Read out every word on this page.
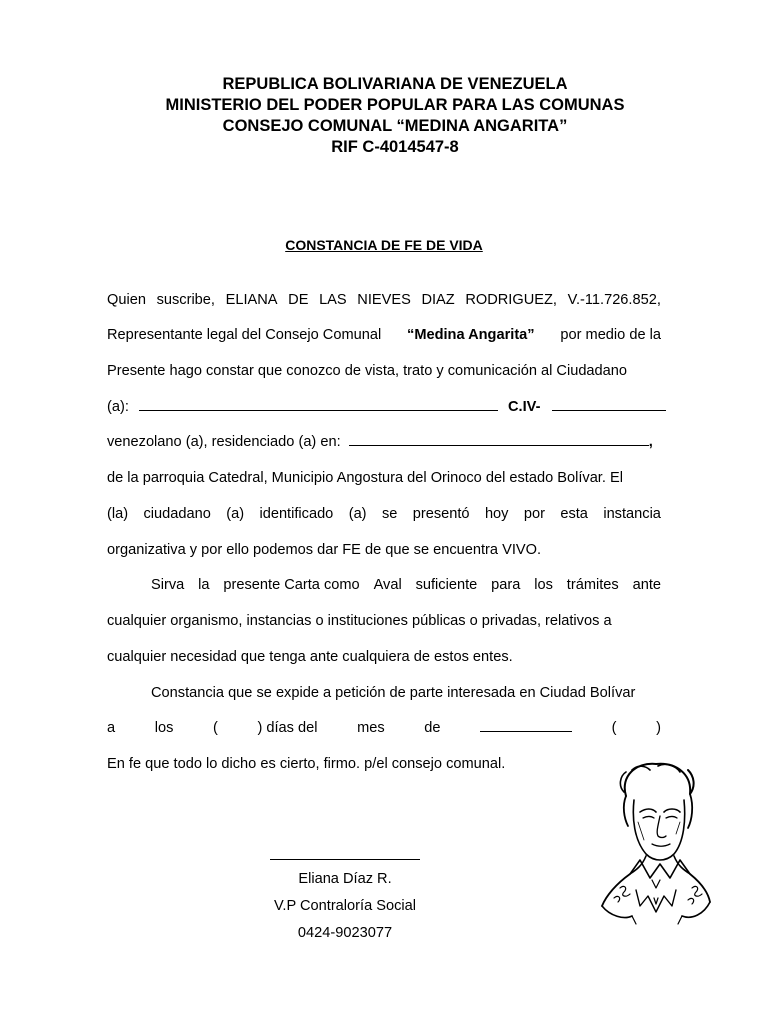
REPUBLICA BOLIVARIANA DE VENEZUELA
MINISTERIO DEL PODER POPULAR PARA LAS COMUNAS
CONSEJO COMUNAL “MEDINA ANGARITA”
RIF C-4014547-8
CONSTANCIA DE FE DE VIDA
Quien suscribe, ELIANA DE LAS NIEVES DIAZ RODRIGUEZ, V.-11.726.852,
Representante legal del Consejo Comunal “Medina Angarita” por medio de la
Presente hago constar que conozco de vista, trato y comunicación al Ciudadano
(a):	C.IV-
venezolano (a), residenciado (a) en:	,
de la parroquia Catedral, Municipio Angostura del Orinoco del estado Bolívar. El
(la) ciudadano (a) identificado (a) se presentó hoy por esta instancia
organizativa y por ello podemos dar FE de que se encuentra VIVO.
Sirva la presente Carta como Aval suficiente para los trámites ante
cualquier organismo, instancias o instituciones públicas o privadas, relativos a
cualquier necesidad que tenga ante cualquiera de estos entes.
Constancia que se expide a petición de parte interesada en Ciudad Bolívar
a	los	(	) días del	mes	de	(	)
En fe que todo lo dicho es cierto, firmo. p/el consejo comunal.
Eliana Díaz R.
V.P Contraloría Social
0424-9023077
